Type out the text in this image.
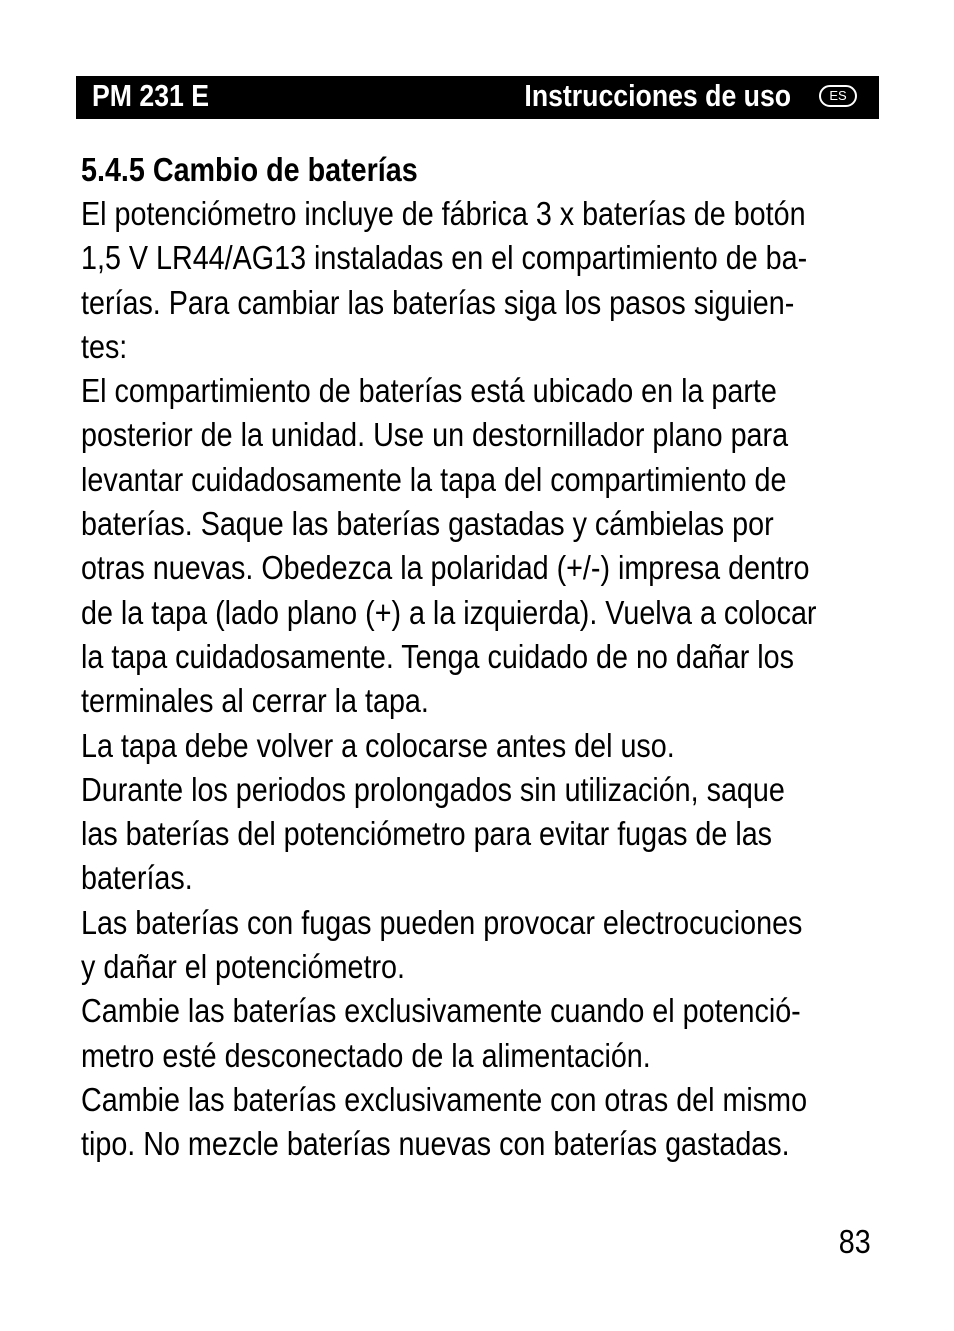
PM 231 E	Instrucciones de uso	ES
5.4.5 Cambio de baterías
El potenciómetro incluye de fábrica 3 x baterías de botón
1,5 V LR44/AG13 instaladas en el compartimiento de ba-
terías. Para cambiar las baterías siga los pasos siguien-
tes:
El compartimiento de baterías está ubicado en la parte
posterior de la unidad. Use un destornillador plano para
levantar cuidadosamente la tapa del compartimiento de
baterías. Saque las baterías gastadas y cámbielas por
otras nuevas. Obedezca la polaridad (+/-) impresa dentro
de la tapa (lado plano (+) a la izquierda). Vuelva a colocar
la tapa cuidadosamente. Tenga cuidado de no dañar los
terminales al cerrar la tapa.
La tapa debe volver a colocarse antes del uso.
Durante los periodos prolongados sin utilización, saque
las baterías del potenciómetro para evitar fugas de las
baterías.
Las baterías con fugas pueden provocar electrocuciones
y dañar el potenciómetro.
Cambie las baterías exclusivamente cuando el potenció-
metro esté desconectado de la alimentación.
Cambie las baterías exclusivamente con otras del mismo
tipo. No mezcle baterías nuevas con baterías gastadas.
83
